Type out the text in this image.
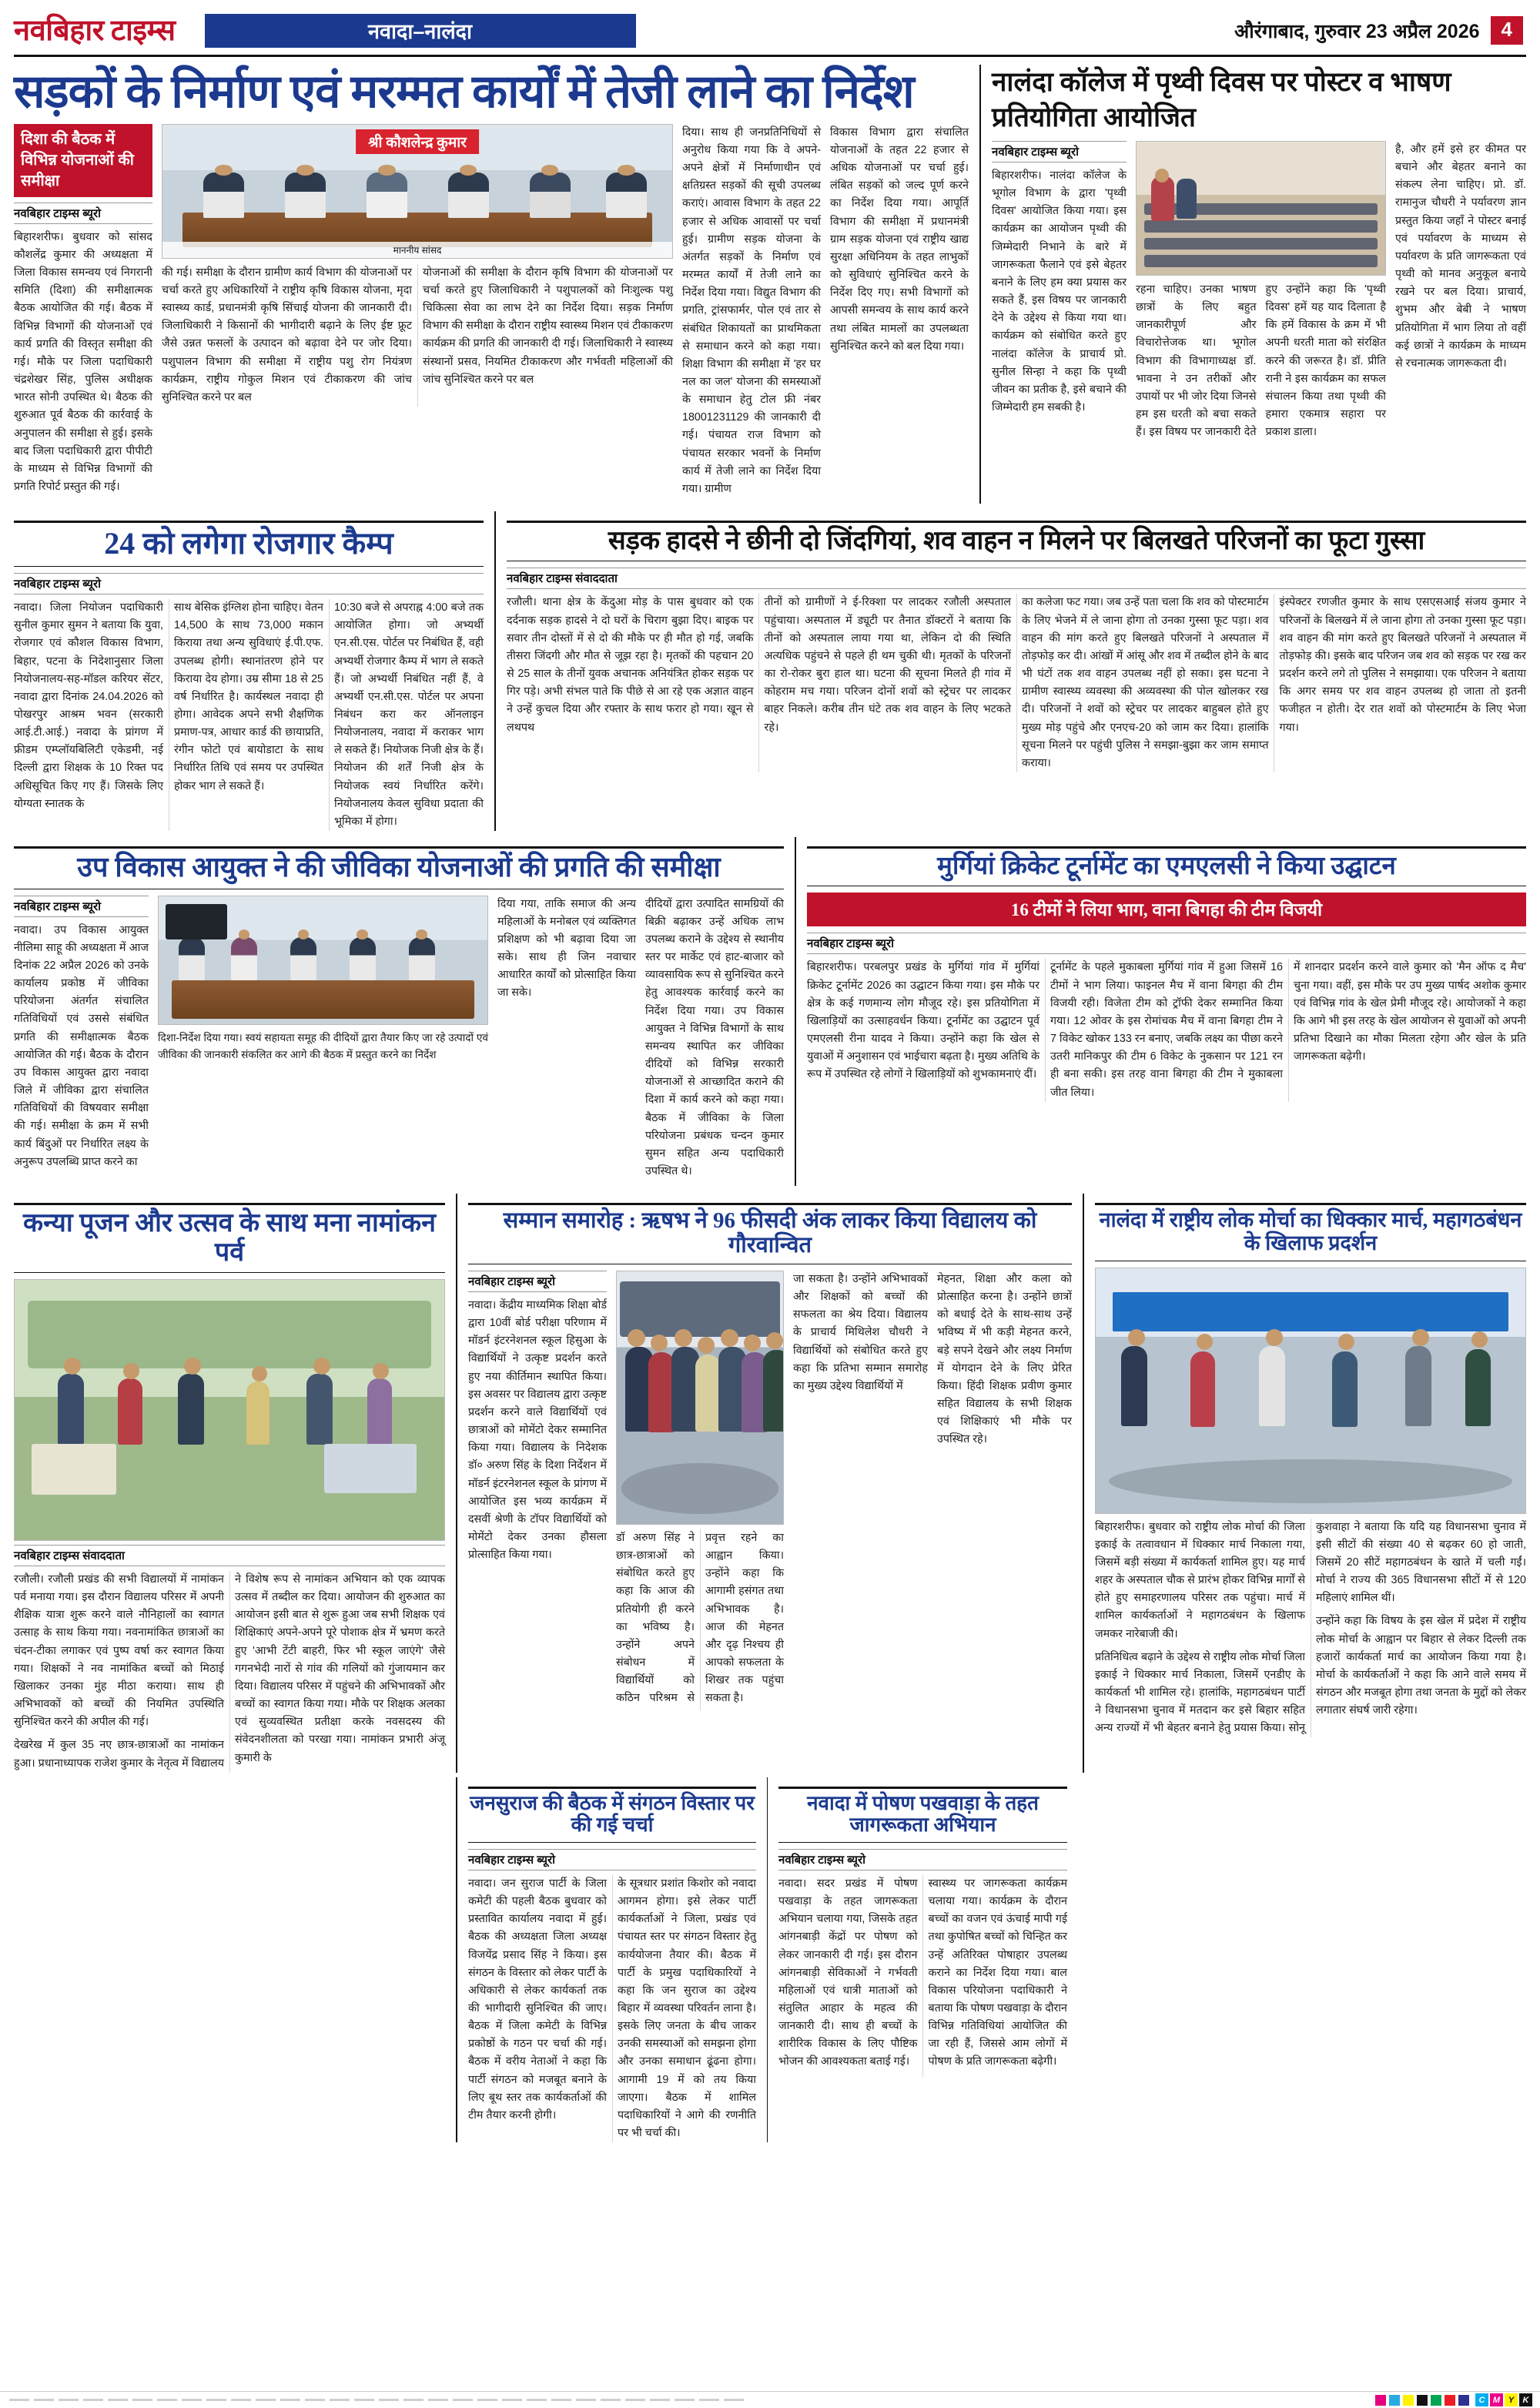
नवबिहार टाइम्स	नवादा–नालंदा	औरंगाबाद, गुरुवार 23 अप्रैल 2026	4
सड़कों के निर्माण एवं मरम्मत कार्यों में तेजी लाने का निर्देश
दिशा की बैठक में विभिन्न योजनाओं की समीक्षा
नवबिहार टाइम्स ब्यूरो

बिहारशरीफ। बुधवार को सांसद कौशलेंद्र कुमार की अध्यक्षता में जिला विकास समन्वय एवं निगरानी समिति (दिशा) की समीक्षात्मक बैठक आयोजित की गई। बैठक में विभिन्न विभागों की योजनाओं एवं कार्य प्रगति की विस्तृत समीक्षा की गई। मौके पर जिला पदाधिकारी चंद्रशेखर सिंह, पुलिस अधीक्षक भारत सोनी उपस्थित थे। बैठक की शुरुआत पूर्व बैठक की कार्रवाई के अनुपालन की समीक्षा से हुई। इसके बाद जिला पदाधिकारी द्वारा पीपीटी के माध्यम से विभिन्न विभागों की प्रगति रिपोर्ट प्रस्तुत की गई।

श्री कौशलेन्द्र कुमार
माननीय सांसद

की गई। समीक्षा के दौरान ग्रामीण कार्य विभाग की योजनाओं पर चर्चा करते हुए अधिकारियों ने राष्ट्रीय कृषि विकास योजना, मृदा स्वास्थ्य कार्ड, प्रधानमंत्री कृषि सिंचाई योजना की जानकारी दी। जिलाधिकारी ने किसानों की भागीदारी बढ़ाने के लिए ईष्ट फ्रूट जैसे उन्नत फसलों के उत्पादन को बढ़ावा देने पर जोर दिया। पशुपालन विभाग की समीक्षा में राष्ट्रीय पशु रोग नियंत्रण कार्यक्रम, राष्ट्रीय गोकुल मिशन एवं टीकाकरण की जांच सुनिश्चित करने पर बल

योजनाओं की समीक्षा के दौरान कृषि विभाग की योजनाओं पर चर्चा करते हुए जिलाधिकारी ने पशुपालकों को निःशुल्क पशु चिकित्सा सेवा का लाभ देने का निर्देश दिया। सड़क निर्माण विभाग की समीक्षा के दौरान राष्ट्रीय स्वास्थ्य मिशन एवं टीकाकरण कार्यक्रम की प्रगति की जानकारी दी गई। जिलाधिकारी ने स्वास्थ्य संस्थानों प्रसव, नियमित टीकाकरण और गर्भवती महिलाओं की जांच सुनिश्चित करने पर बल

दिया। साथ ही जनप्रतिनिधियों से अनुरोध किया गया कि वे अपने-अपने क्षेत्रों में निर्माणाधीन एवं क्षतिग्रस्त सड़कों की सूची उपलब्ध कराएं। आवास विभाग के तहत 22 हजार से अधिक आवासों पर चर्चा हुई। ग्रामीण सड़क योजना के अंतर्गत सड़कों के निर्माण एवं मरम्मत कार्यों में तेजी लाने का निर्देश दिया गया। विद्युत विभाग की प्रगति, ट्रांसफार्मर, पोल एवं तार से संबंधित शिकायतों का प्राथमिकता से समाधान करने को कहा गया। शिक्षा विभाग की समीक्षा में 'हर घर नल का जल' योजना की समस्याओं के समाधान हेतु टोल फ्री नंबर 18001231129 की जानकारी दी गई। पंचायत राज विभाग को पंचायत सरकार भवनों के निर्माण कार्य में तेजी लाने का निर्देश दिया गया। ग्रामीण

विकास विभाग द्वारा संचालित योजनाओं के तहत 22 हजार से अधिक योजनाओं पर चर्चा हुई। लंबित सड़कों को जल्द पूर्ण करने का निर्देश दिया गया। आपूर्ति विभाग की समीक्षा में प्रधानमंत्री ग्राम सड़क योजना एवं राष्ट्रीय खाद्य सुरक्षा अधिनियम के तहत लाभुकों को सुविधाएं सुनिश्चित करने के निर्देश दिए गए। सभी विभागों को आपसी समन्वय के साथ कार्य करने तथा लंबित मामलों का उपलब्धता सुनिश्चित करने को बल दिया गया।

नालंदा कॉलेज में पृथ्वी दिवस पर पोस्टर व भाषण प्रतियोगिता आयोजित
नवबिहार टाइम्स ब्यूरो

बिहारशरीफ। नालंदा कॉलेज के भूगोल विभाग के द्वारा 'पृथ्वी दिवस' आयोजित किया गया। इस कार्यक्रम का आयोजन पृथ्वी की जिम्मेदारी निभाने के बारे में जागरूकता फैलाने एवं इसे बेहतर बनाने के लिए हम क्या प्रयास कर सकते हैं, इस विषय पर जानकारी देने के उद्देश्य से किया गया था। कार्यक्रम को संबोधित करते हुए नालंदा कॉलेज के प्राचार्य प्रो. सुनील सिन्हा ने कहा कि पृथ्वी जीवन का प्रतीक है, इसे बचाने की जिम्मेदारी हम सबकी है।

रहना चाहिए। उनका भाषण छात्रों के लिए बहुत जानकारीपूर्ण और विचारोत्तेजक था। भूगोल विभाग की विभागाध्यक्ष डॉ. भावना ने उन तरीकों और उपायों पर भी जोर दिया जिनसे हम इस धरती को बचा सकते हैं। इस विषय पर जानकारी देते हुए उन्होंने कहा कि 'पृथ्वी दिवस' हमें यह याद दिलाता है कि हमें विकास के क्रम में भी अपनी धरती माता को संरक्षित करने की जरूरत है। डॉ. प्रीति रानी ने इस कार्यक्रम का सफल संचालन किया तथा पृथ्वी की हमारा एकमात्र सहारा पर प्रकाश डाला।

है, और हमें इसे हर कीमत पर बचाने और बेहतर बनाने का संकल्प लेना चाहिए। प्रो. डॉ. रामानुज चौधरी ने पर्यावरण ज्ञान प्रस्तुत किया जहाँ ने पोस्टर बनाई एवं पर्यावरण के माध्यम से पर्यावरण के प्रति जागरूकता एवं पृथ्वी को मानव अनुकूल बनाये रखने पर बल दिया। प्राचार्य, शुभम और बेबी ने भाषण प्रतियोगिता में भाग लिया तो वहीं कई छात्रों ने कार्यक्रम के माध्यम से रचनात्मक जागरूकता दी।

24 को लगेगा रोजगार कैम्प
नवबिहार टाइम्स ब्यूरो

नवादा। जिला नियोजन पदाधिकारी सुनील कुमार सुमन ने बताया कि युवा, रोजगार एवं कौशल विकास विभाग, बिहार, पटना के निदेशानुसार जिला नियोजनालय-सह-मॉडल करियर सेंटर, नवादा द्वारा दिनांक 24.04.2026 को पोखरपुर आश्रम भवन (सरकारी आई.टी.आई.) नवादा के प्रांगण में फ्रीडम एम्प्लॉयबिलिटी एकेडमी, नई दिल्ली द्वारा शिक्षक के 10 रिक्त पद अधिसूचित किए गए हैं। जिसके लिए योग्यता स्नातक के

साथ बेसिक इंग्लिश होना चाहिए। वेतन 14,500 के साथ 73,000 मकान किराया तथा अन्य सुविधाएं ई.पी.एफ. उपलब्ध होगी। स्थानांतरण होने पर किराया देय होगा। उम्र सीमा 18 से 25 वर्ष निर्धारित है। कार्यस्थल नवादा ही होगा। आवेदक अपने सभी शैक्षणिक प्रमाण-पत्र, आधार कार्ड की छायाप्रति, रंगीन फोटो एवं बायोडाटा के साथ निर्धारित तिथि एवं समय पर उपस्थित होकर भाग ले सकते हैं।

10:30 बजे से अपराह्न 4:00 बजे तक आयोजित होगा। जो अभ्यर्थी एन.सी.एस. पोर्टल पर निबंधित हैं, वही अभ्यर्थी रोजगार कैम्प में भाग ले सकते हैं। जो अभ्यर्थी निबंधित नहीं हैं, वे अभ्यर्थी एन.सी.एस. पोर्टल पर अपना निबंधन करा कर ऑनलाइन नियोजनालय, नवादा में कराकर भाग ले सकते हैं। नियोजक निजी क्षेत्र के हैं। नियोजन की शर्तें निजी क्षेत्र के नियोजक स्वयं निर्धारित करेंगे। नियोजनालय केवल सुविधा प्रदाता की भूमिका में होगा।

सड़क हादसे ने छीनी दो जिंदगियां, शव वाहन न मिलने पर बिलखते परिजनों का फूटा गुस्सा
नवबिहार टाइम्स संवाददाता

रजौली। थाना क्षेत्र के केंदुआ मोड़ के पास बुधवार को एक दर्दनाक सड़क हादसे ने दो घरों के चिराग बुझा दिए। बाइक पर सवार तीन दोस्तों में से दो की मौके पर ही मौत हो गई, जबकि तीसरा जिंदगी और मौत से जूझ रहा है। मृतकों की पहचान 20 से 25 साल के तीनों युवक अचानक अनियंत्रित होकर सड़क पर गिर पड़े। अभी संभल पाते कि पीछे से आ रहे एक अज्ञात वाहन ने उन्हें कुचल दिया और रफ्तार के साथ फरार हो गया। खून से लथपथ

तीनों को ग्रामीणों ने ई-रिक्शा पर लादकर रजौली अस्पताल पहुंचाया। अस्पताल में ड्यूटी पर तैनात डॉक्टरों ने बताया कि तीनों को अस्पताल लाया गया था, लेकिन दो की स्थिति अत्यधिक पहुंचने से पहले ही थम चुकी थी। मृतकों के परिजनों का रो-रोकर बुरा हाल था। घटना की सूचना मिलते ही गांव में कोहराम मच गया। परिजन दोनों शवों को स्ट्रेचर पर लादकर बाहर निकले। करीब तीन घंटे तक शव वाहन के लिए भटकते रहे।

का कलेजा फट गया। जब उन्हें पता चला कि शव को पोस्टमार्टम के लिए भेजने में ले जाना होगा तो उनका गुस्सा फूट पड़ा। शव वाहन की मांग करते हुए बिलखते परिजनों ने अस्पताल में तोड़फोड़ कर दी। आंखों में आंसू और शव में तब्दील होने के बाद भी घंटों तक शव वाहन उपलब्ध नहीं हो सका। इस घटना ने ग्रामीण स्वास्थ्य व्यवस्था की अव्यवस्था की पोल खोलकर रख दी। परिजनों ने शवों को स्ट्रेचर पर लादकर बाहुबल होते हुए मुख्य मोड़ पहुंचे और एनएच-20 को जाम कर दिया। हालांकि सूचना मिलने पर पहुंची पुलिस ने समझा-बुझा कर जाम समाप्त कराया।

इंस्पेक्टर रणजीत कुमार के साथ एसएसआई संजय कुमार ने परिजनों के बिलखने में ले जाना होगा तो उनका गुस्सा फूट पड़ा। शव वाहन की मांग करते हुए बिलखते परिजनों ने अस्पताल में तोड़फोड़ की। इसके बाद परिजन जब शव को सड़क पर रख कर प्रदर्शन करने लगे तो पुलिस ने समझाया। एक परिजन ने बताया कि अगर समय पर शव वाहन उपलब्ध हो जाता तो इतनी फजीहत न होती। देर रात शवों को पोस्टमार्टम के लिए भेजा गया।

उप विकास आयुक्त ने की जीविका योजनाओं की प्रगति की समीक्षा
नवबिहार टाइम्स ब्यूरो

नवादा। उप विकास आयुक्त नीलिमा साहू की अध्यक्षता में आज दिनांक 22 अप्रैल 2026 को उनके कार्यालय प्रकोष्ठ में जीविका परियोजना अंतर्गत संचालित गतिविधियों एवं उससे संबंधित प्रगति की समीक्षात्मक बैठक आयोजित की गई। बैठक के दौरान उप विकास आयुक्त द्वारा नवादा जिले में जीविका द्वारा संचालित गतिविधियों की विषयवार समीक्षा की गई। समीक्षा के क्रम में सभी कार्य बिंदुओं पर निर्धारित लक्ष्य के अनुरूप उपलब्धि प्राप्त करने का

दिशा-निर्देश दिया गया। स्वयं सहायता समूह की दीदियों द्वारा तैयार किए जा रहे उत्पादों एवं जीविका की जानकारी संकलित कर आगे की बैठक में प्रस्तुत करने का निर्देश

दिया गया, ताकि समाज की अन्य महिलाओं के मनोबल एवं व्यक्तिगत प्रशिक्षण को भी बढ़ावा दिया जा सके। साथ ही जिन नवाचार आधारित कार्यों को प्रोत्साहित किया जा सके।

दीदियों द्वारा उत्पादित सामग्रियों की बिक्री बढ़ाकर उन्हें अधिक लाभ उपलब्ध कराने के उद्देश्य से स्थानीय स्तर पर मार्केट एवं हाट-बाजार को व्यावसायिक रूप से सुनिश्चित करने हेतु आवश्यक कार्रवाई करने का निर्देश दिया गया। उप विकास आयुक्त ने विभिन्न विभागों के साथ समन्वय स्थापित कर जीविका दीदियों को विभिन्न सरकारी योजनाओं से आच्छादित कराने की दिशा में कार्य करने को कहा गया। बैठक में जीविका के जिला परियोजना प्रबंधक चन्दन कुमार सुमन सहित अन्य पदाधिकारी उपस्थित थे।

मुर्गियां क्रिकेट टूर्नामेंट का एमएलसी ने किया उद्घाटन
16 टीमों ने लिया भाग, वाना बिगहा की टीम विजयी
नवबिहार टाइम्स ब्यूरो

बिहारशरीफ। परबलपुर प्रखंड के मुर्गियां गांव में मुर्गियां क्रिकेट टूर्नामेंट 2026 का उद्घाटन किया गया। इस मौके पर क्षेत्र के कई गणमान्य लोग मौजूद रहे। इस प्रतियोगिता में खिलाड़ियों का उत्साहवर्धन किया। टूर्नामेंट का उद्घाटन पूर्व एमएलसी रीना यादव ने किया। उन्होंने कहा कि खेल से युवाओं में अनुशासन एवं भाईचारा बढ़ता है। मुख्य अतिथि के रूप में उपस्थित रहे लोगों ने खिलाड़ियों को शुभकामनाएं दीं।

टूर्नामेंट के पहले मुकाबला मुर्गियां गांव में हुआ जिसमें 16 टीमों ने भाग लिया। फाइनल मैच में वाना बिगहा की टीम विजयी रही। विजेता टीम को ट्रॉफी देकर सम्मानित किया गया। 12 ओवर के इस रोमांचक मैच में वाना बिगहा टीम ने 7 विकेट खोकर 133 रन बनाए, जबकि लक्ष्य का पीछा करने उतरी मानिकपुर की टीम 6 विकेट के नुकसान पर 121 रन ही बना सकी। इस तरह वाना बिगहा की टीम ने मुकाबला जीत लिया।

में शानदार प्रदर्शन करने वाले कुमार को 'मैन ऑफ द मैच' चुना गया। वहीं, इस मौके पर उप मुख्य पार्षद अशोक कुमार एवं विभिन्न गांव के खेल प्रेमी मौजूद रहे। आयोजकों ने कहा कि आगे भी इस तरह के खेल आयोजन से युवाओं को अपनी प्रतिभा दिखाने का मौका मिलता रहेगा और खेल के प्रति जागरूकता बढ़ेगी।

कन्या पूजन और उत्सव के साथ मना नामांकन पर्व
नवबिहार टाइम्स संवाददाता

रजौली। रजौली प्रखंड की सभी विद्यालयों में नामांकन पर्व मनाया गया। इस दौरान विद्यालय परिसर में अपनी शैक्षिक यात्रा शुरू करने वाले नौनिहालों का स्वागत उत्साह के साथ किया गया। नवनामांकित छात्राओं का चंदन-टीका लगाकर एवं पुष्प वर्षा कर स्वागत किया गया। शिक्षकों ने नव नामांकित बच्चों को मिठाई खिलाकर उनका मुंह मीठा कराया। साथ ही अभिभावकों को बच्चों की नियमित उपस्थिति सुनिश्चित करने की अपील की गई।

देखरेख में कुल 35 नए छात्र-छात्राओं का नामांकन हुआ। प्रधानाध्यापक राजेश कुमार के नेतृत्व में विद्यालय ने विशेष रूप से नामांकन अभियान को एक व्यापक उत्सव में तब्दील कर दिया। आयोजन की शुरुआत का आयोजन इसी बात से शुरू हुआ जब सभी शिक्षक एवं शिक्षिकाएं अपने-अपने पूरे पोशाक क्षेत्र में भ्रमण करते हुए 'आभी टेंटी बाहरी, फिर भी स्कूल जाएंगे' जैसे गगनभेदी नारों से गांव की गलियों को गुंजायमान कर दिया। विद्यालय परिसर में पहुंचने की अभिभावकों और बच्चों का स्वागत किया गया। मौके पर शिक्षक अलका एवं सुव्यवस्थित प्रतीक्षा करके नवसदस्य की संवेदनशीलता को परखा गया। नामांकन प्रभारी अंजू कुमारी के

सम्मान समारोह : ऋषभ ने 96 फीसदी अंक लाकर किया विद्यालय को गौरवान्वित
नवबिहार टाइम्स ब्यूरो

नवादा। केंद्रीय माध्यमिक शिक्षा बोर्ड द्वारा 10वीं बोर्ड परीक्षा परिणाम में मॉडर्न इंटरनेशनल स्कूल हिसुआ के विद्यार्थियों ने उत्कृष्ट प्रदर्शन करते हुए नया कीर्तिमान स्थापित किया। इस अवसर पर विद्यालय द्वारा उत्कृष्ट प्रदर्शन करने वाले विद्यार्थियों एवं छात्राओं को मोमेंटो देकर सम्मानित किया गया। विद्यालय के निदेशक डॉ० अरुण सिंह के दिशा निर्देशन में मॉडर्न इंटरनेशनल स्कूल के प्रांगण में आयोजित इस भव्य कार्यक्रम में दसवीं श्रेणी के टॉपर विद्यार्थियों को मोमेंटो देकर उनका हौसला प्रोत्साहित किया गया।

डॉ अरुण सिंह ने छात्र-छात्राओं को संबोधित करते हुए कहा कि आज की प्रतियोगी ही करने का भविष्य है। उन्होंने अपने संबोधन में विद्यार्थियों को कठिन परिश्रम से प्रवृत्त रहने का आह्वान किया। उन्होंने कहा कि आगामी हसंगत तथा अभिभावक है। आज की मेहनत और दृढ़ निश्चय ही आपको सफलता के शिखर तक पहुंचा सकता है।

जा सकता है। उन्होंने अभिभावकों और शिक्षकों को बच्चों की सफलता का श्रेय दिया। विद्यालय के प्राचार्य मिथिलेश चौधरी ने विद्यार्थियों को संबोधित करते हुए कहा कि प्रतिभा सम्मान समारोह का मुख्य उद्देश्य विद्यार्थियों में

मेहनत, शिक्षा और कला को प्रोत्साहित करना है। उन्होंने छात्रों को बधाई देते के साथ-साथ उन्हें भविष्य में भी कड़ी मेहनत करने, बड़े सपने देखने और लक्ष्य निर्माण में योगदान देने के लिए प्रेरित किया। हिंदी शिक्षक प्रवीण कुमार सहित विद्यालय के सभी शिक्षक एवं शिक्षिकाएं भी मौके पर उपस्थित रहे।

नालंदा में राष्ट्रीय लोक मोर्चा का धिक्कार मार्च, महागठबंधन के खिलाफ प्रदर्शन

बिहारशरीफ। बुधवार को राष्ट्रीय लोक मोर्चा की जिला इकाई के तत्वावधान में धिक्कार मार्च निकाला गया, जिसमें बड़ी संख्या में कार्यकर्ता शामिल हुए। यह मार्च शहर के अस्पताल चौक से प्रारंभ होकर विभिन्न मार्गों से होते हुए समाहरणालय परिसर तक पहुंचा। मार्च में शामिल कार्यकर्ताओं ने महागठबंधन के खिलाफ जमकर नारेबाजी की।

प्रतिनिधित्व बढ़ाने के उद्देश्य से राष्ट्रीय लोक मोर्चा जिला इकाई ने धिक्कार मार्च निकाला, जिसमें एनडीए के कार्यकर्ता भी शामिल रहे। हालांकि, महागठबंधन पार्टी ने विधानसभा चुनाव में मतदान कर इसे बिहार सहित अन्य राज्यों में भी बेहतर बनाने हेतु प्रयास किया। सोनू कुशवाहा ने बताया कि यदि यह विधानसभा चुनाव में इसी सीटों की संख्या 40 से बढ़कर 60 हो जाती, जिसमें 20 सीटें महागठबंधन के खाते में चली गईं। मोर्चा ने राज्य की 365 विधानसभा सीटों में से 120 महिलाएं शामिल थीं।

उन्होंने कहा कि विषय के इस खेल में प्रदेश में राष्ट्रीय लोक मोर्चा के आह्वान पर बिहार से लेकर दिल्ली तक हजारों कार्यकर्ता मार्च का आयोजन किया गया है। मोर्चा के कार्यकर्ताओं ने कहा कि आने वाले समय में संगठन और मजबूत होगा तथा जनता के मुद्दों को लेकर लगातार संघर्ष जारी रहेगा।

जनसुराज की बैठक में संगठन विस्तार पर की गई चर्चा
नवबिहार टाइम्स ब्यूरो

नवादा। जन सुराज पार्टी के जिला कमेटी की पहली बैठक बुधवार को प्रस्तावित कार्यालय नवादा में हुई। बैठक की अध्यक्षता जिला अध्यक्ष विजयेंद्र प्रसाद सिंह ने किया। इस संगठन के विस्तार को लेकर पार्टी के अधिकारी से लेकर कार्यकर्ता तक की भागीदारी सुनिश्चित की जाए। बैठक में जिला कमेटी के विभिन्न प्रकोष्ठों के गठन पर चर्चा की गई। बैठक में वरीय नेताओं ने कहा कि पार्टी संगठन को मजबूत बनाने के लिए बूथ स्तर तक कार्यकर्ताओं की टीम तैयार करनी होगी।

के सूत्रधार प्रशांत किशोर को नवादा आगमन होगा। इसे लेकर पार्टी कार्यकर्ताओं ने जिला, प्रखंड एवं पंचायत स्तर पर संगठन विस्तार हेतु कार्ययोजना तैयार की। बैठक में पार्टी के प्रमुख पदाधिकारियों ने कहा कि जन सुराज का उद्देश्य बिहार में व्यवस्था परिवर्तन लाना है। इसके लिए जनता के बीच जाकर उनकी समस्याओं को समझना होगा और उनका समाधान ढूंढना होगा। आगामी 19 में को तय किया जाएगा। बैठक में शामिल पदाधिकारियों ने आगे की रणनीति पर भी चर्चा की।

नवादा में पोषण पखवाड़ा के तहत जागरूकता अभियान
नवबिहार टाइम्स ब्यूरो

नवादा। सदर प्रखंड में पोषण पखवाड़ा के तहत जागरूकता अभियान चलाया गया, जिसके तहत आंगनबाड़ी केंद्रों पर पोषण को लेकर जानकारी दी गई। इस दौरान आंगनबाड़ी सेविकाओं ने गर्भवती महिलाओं एवं धात्री माताओं को संतुलित आहार के महत्व की जानकारी दी। साथ ही बच्चों के शारीरिक विकास के लिए पौष्टिक भोजन की आवश्यकता बताई गई।

स्वास्थ्य पर जागरूकता कार्यक्रम चलाया गया। कार्यक्रम के दौरान बच्चों का वजन एवं ऊंचाई मापी गई तथा कुपोषित बच्चों को चिन्हित कर उन्हें अतिरिक्त पोषाहार उपलब्ध कराने का निर्देश दिया गया। बाल विकास परियोजना पदाधिकारी ने बताया कि पोषण पखवाड़ा के दौरान विभिन्न गतिविधियां आयोजित की जा रही हैं, जिससे आम लोगों में पोषण के प्रति जागरूकता बढ़ेगी।

C M Y	K
